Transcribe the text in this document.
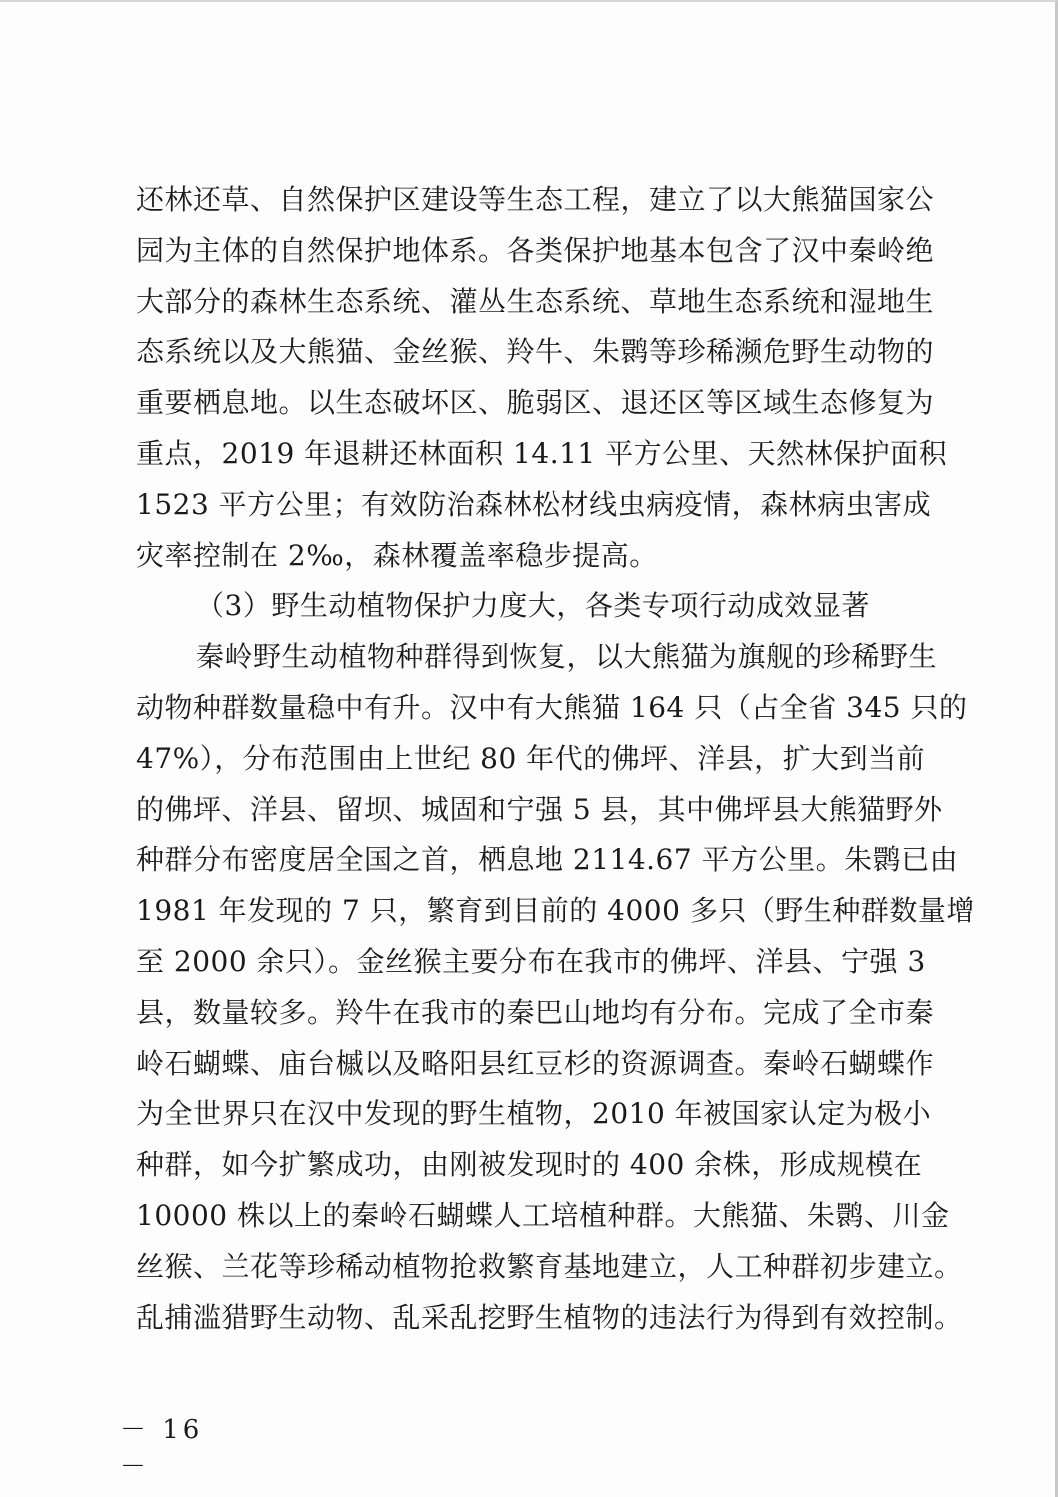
还林还草、自然保护区建设等生态工程，建立了以大熊猫国家公
园为主体的自然保护地体系。各类保护地基本包含了汉中秦岭绝
大部分的森林生态系统、灌丛生态系统、草地生态系统和湿地生
态系统以及大熊猫、金丝猴、羚牛、朱鹮等珍稀濒危野生动物的
重要栖息地。以生态破坏区、脆弱区、退还区等区域生态修复为
重点，2019 年退耕还林面积 14.11 平方公里、天然林保护面积
1523 平方公里；有效防治森林松材线虫病疫情，森林病虫害成
灾率控制在 2‰，森林覆盖率稳步提高。
（3）野生动植物保护力度大，各类专项行动成效显著
秦岭野生动植物种群得到恢复，以大熊猫为旗舰的珍稀野生
动物种群数量稳中有升。汉中有大熊猫 164 只（占全省 345 只的
47%），分布范围由上世纪 80 年代的佛坪、洋县，扩大到当前
的佛坪、洋县、留坝、城固和宁强 5 县，其中佛坪县大熊猫野外
种群分布密度居全国之首，栖息地 2114.67 平方公里。朱鹮已由
1981 年发现的 7 只，繁育到目前的 4000 多只（野生种群数量增
至 2000 余只）。金丝猴主要分布在我市的佛坪、洋县、宁强 3
县，数量较多。羚牛在我市的秦巴山地均有分布。完成了全市秦
岭石蝴蝶、庙台槭以及略阳县红豆杉的资源调查。秦岭石蝴蝶作
为全世界只在汉中发现的野生植物，2010 年被国家认定为极小
种群，如今扩繁成功，由刚被发现时的 400 余株，形成规模在
10000 株以上的秦岭石蝴蝶人工培植种群。大熊猫、朱鹮、川金
丝猴、兰花等珍稀动植物抢救繁育基地建立，人工种群初步建立。
乱捕滥猎野生动物、乱采乱挖野生植物的违法行为得到有效控制。
－ 16 －
